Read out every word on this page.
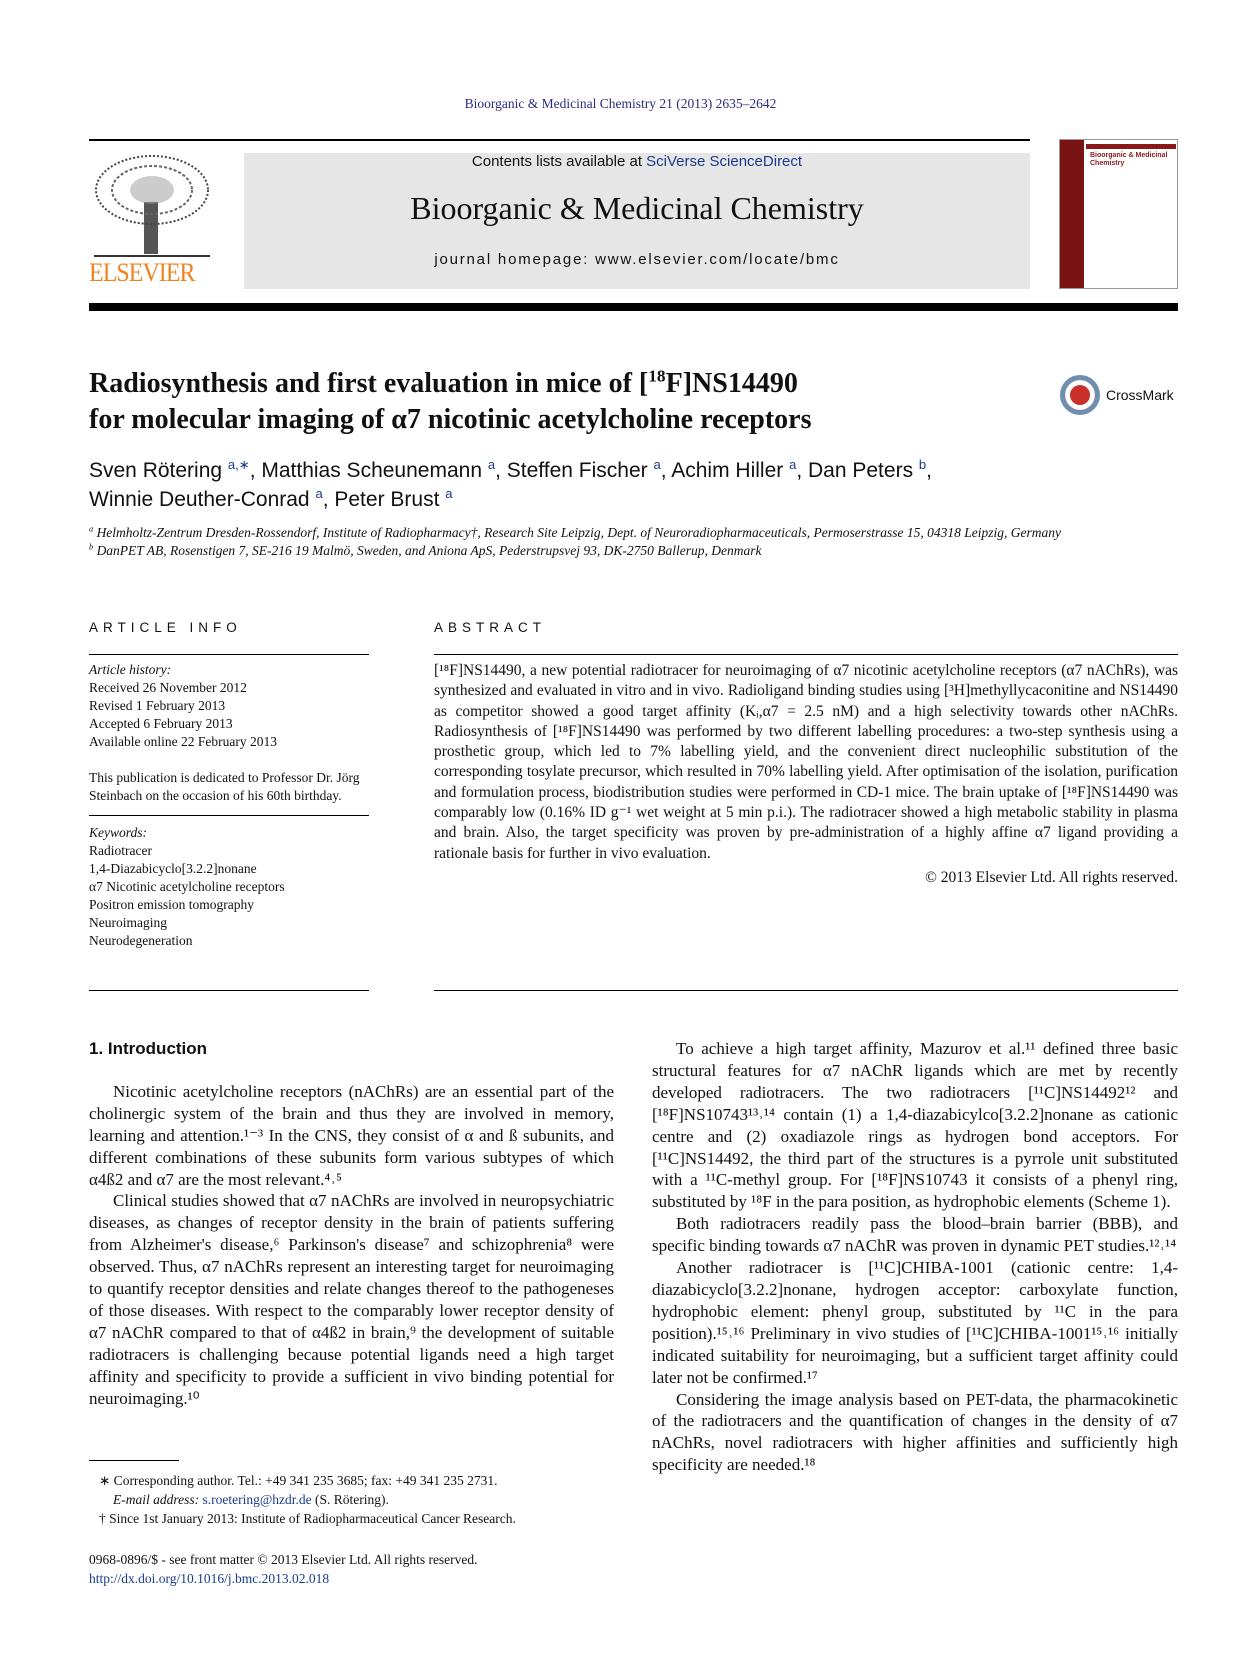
Bioorganic & Medicinal Chemistry 21 (2013) 2635–2642
ELSEVIER
Contents lists available at SciVerse ScienceDirect
Bioorganic & Medicinal Chemistry
journal homepage: www.elsevier.com/locate/bmc
Bioorganic & Medicinal Chemistry
Radiosynthesis and first evaluation in mice of [$^{18}$F]NS14490
for molecular imaging of α7 nicotinic acetylcholine receptors
CrossMark
Sven Rötering $^{a,∗}$, Matthias Scheunemann $^a$, Steffen Fischer $^a$, Achim Hiller $^a$, Dan Peters $^b$,
Winnie Deuther-Conrad $^a$, Peter Brust $^a$
$^a$ Helmholtz-Zentrum Dresden-Rossendorf, Institute of Radiopharmacy†, Research Site Leipzig, Dept. of Neuroradiopharmaceuticals, Permoserstrasse 15, 04318 Leipzig, Germany
$^b$ DanPET AB, Rosenstigen 7, SE-216 19 Malmö, Sweden, and Aniona ApS, Pederstrupsvej 93, DK-2750 Ballerup, Denmark
ARTICLE INFO	ABSTRACT
Article history:
Received 26 November 2012
Revised 1 February 2013
Accepted 6 February 2013
Available online 22 February 2013
This publication is dedicated to Professor Dr. Jörg Steinbach on the occasion of his 60th birthday.
Keywords:
Radiotracer
1,4-Diazabicyclo[3.2.2]nonane
α7 Nicotinic acetylcholine receptors
Positron emission tomography
Neuroimaging
Neurodegeneration
[¹⁸F]NS14490, a new potential radiotracer for neuroimaging of α7 nicotinic acetylcholine receptors (α7 nAChRs), was synthesized and evaluated in vitro and in vivo. Radioligand binding studies using [³H]methyllycaconitine and NS14490 as competitor showed a good target affinity (Kᵢ,α7 = 2.5 nM) and a high selectivity towards other nAChRs. Radiosynthesis of [¹⁸F]NS14490 was performed by two different labelling procedures: a two-step synthesis using a prosthetic group, which led to 7% labelling yield, and the convenient direct nucleophilic substitution of the corresponding tosylate precursor, which resulted in 70% labelling yield. After optimisation of the isolation, purification and formulation process, biodistribution studies were performed in CD-1 mice. The brain uptake of [¹⁸F]NS14490 was comparably low (0.16% ID g⁻¹ wet weight at 5 min p.i.). The radiotracer showed a high metabolic stability in plasma and brain. Also, the target specificity was proven by pre-administration of a highly affine α7 ligand providing a rationale basis for further in vivo evaluation.
© 2013 Elsevier Ltd. All rights reserved.
1. Introduction

Nicotinic acetylcholine receptors (nAChRs) are an essential part of the cholinergic system of the brain and thus they are involved in memory, learning and attention.¹⁻³ In the CNS, they consist of α and ß subunits, and different combinations of these subunits form various subtypes of which α4ß2 and α7 are the most relevant.⁴˒⁵

Clinical studies showed that α7 nAChRs are involved in neuropsychiatric diseases, as changes of receptor density in the brain of patients suffering from Alzheimer's disease,⁶ Parkinson's disease⁷ and schizophrenia⁸ were observed. Thus, α7 nAChRs represent an interesting target for neuroimaging to quantify receptor densities and relate changes thereof to the pathogeneses of those diseases. With respect to the comparably lower receptor density of α7 nAChR compared to that of α4ß2 in brain,⁹ the development of suitable radiotracers is challenging because potential ligands need a high target affinity and specificity to provide a sufficient in vivo binding potential for neuroimaging.¹⁰

To achieve a high target affinity, Mazurov et al.¹¹ defined three basic structural features for α7 nAChR ligands which are met by recently developed radiotracers. The two radiotracers [¹¹C]NS14492¹² and [¹⁸F]NS10743¹³˒¹⁴ contain (1) a 1,4-diazabicylco[3.2.2]nonane as cationic centre and (2) oxadiazole rings as hydrogen bond acceptors. For [¹¹C]NS14492, the third part of the structures is a pyrrole unit substituted with a ¹¹C-methyl group. For [¹⁸F]NS10743 it consists of a phenyl ring, substituted by ¹⁸F in the para position, as hydrophobic elements (Scheme 1).

Both radiotracers readily pass the blood–brain barrier (BBB), and specific binding towards α7 nAChR was proven in dynamic PET studies.¹²˒¹⁴

Another radiotracer is [¹¹C]CHIBA-1001 (cationic centre: 1,4-diazabicyclo[3.2.2]nonane, hydrogen acceptor: carboxylate function, hydrophobic element: phenyl group, substituted by ¹¹C in the para position).¹⁵˒¹⁶ Preliminary in vivo studies of [¹¹C]CHIBA-1001¹⁵˒¹⁶ initially indicated suitability for neuroimaging, but a sufficient target affinity could later not be confirmed.¹⁷

Considering the image analysis based on PET-data, the pharmacokinetic of the radiotracers and the quantification of changes in the density of α7 nAChRs, novel radiotracers with higher affinities and sufficiently high specificity are needed.¹⁸

∗ Corresponding author. Tel.: +49 341 235 3685; fax: +49 341 235 2731.
E-mail address: s.roetering@hzdr.de (S. Rötering).
† Since 1st January 2013: Institute of Radiopharmaceutical Cancer Research.
0968-0896/$ - see front matter © 2013 Elsevier Ltd. All rights reserved.
http://dx.doi.org/10.1016/j.bmc.2013.02.018
